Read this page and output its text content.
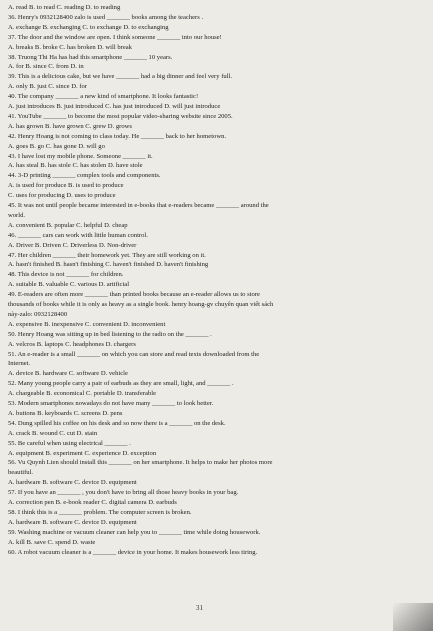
A. read B. to read C. reading D. to reading
36. Henry's 0932128400 zalo is used _______ books among the teachers .
A. exchange B. exchanging C. to exchange D. to exchanging
37. The door and the window are open. I think someone _______ into our house!
A. breaks B. broke C. has broken D. will break
38. Truong Thi Ha has had this smartphone _______ 10 years.
A. for B. since C. from D. in
39. This is a delicious cake, but we have _______ had a big dinner and feel very full.
A. only B. just C. since D. for
40. The company _______ a new kind of smartphone. It looks fantastic!
A. just introduces B. just introduced C. has just introduced D. will just introduce
41. YouTube _______ to become the most popular video-sharing website since 2005.
A. has grown B. have grown C. grew D. grows
42. Henry Hoang is not coming to class today. He _______ back to her hometown.
A. goes B. go C. has gone D. will go
43. I have lost my mobile phone. Someone _______ it.
A. has steal B. has stole C. has stolen D. have stole
44. 3-D printing _______ complex tools and components.
A. is used for produce B. is used to produce
C. uses for producing D. uses to produce
45. It was not until people became interested in e-books that e-readers became _______ around the
world.
A. convenient B. popular C. helpful D. cheap
46. _______ cars can work with little human control.
A. Driver B. Driven C. Driverless D. Non-driver
47. Her children _______ their homework yet. They are still working on it.
A. hasn't finished B. hasn't finishing C. haven't finished D. haven't finishing
48. This device is not _______ for children.
A. suitable B. valuable C. various D. artificial
49. E-readers are often more _______ than printed books because an e-reader allows us to store
thousands of books while it is only as heavy as a single book. henry hoang-gv chuyên quan viết sách
này-zalo: 0932128400
A. expensive B. inexpensive C. convenient D. inconvenient
50. Henry Hoang was sitting up in bed listening to the radio on the _______ .
A. velcros B. laptops C. headphones D. chargers
51. An e-reader is a small _______ on which you can store and read texts downloaded from the
Internet.
A. device B. hardware C. software D. vehicle
52. Many young people carry a pair of earbuds as they are small, light, and _______ .
A. chargeable B. economical C. portable D. transferable
53. Modern smartphones nowadays do not have many _______ to look better.
A. buttons B. keyboards C. screens D. pens
54. Dung spilled his coffee on his desk and so now there is a _______ on the desk.
A. crack B. wound C. cut D. stain
55. Be careful when using electrical _______ .
A. equipment B. experiment C. experience D. exception
56. Vu Quynh Lien should install this _______ on her smartphone. It helps to make her photos more
beautiful.
A. hardware B. software C. device D. equipment
57. If you have an _______ , you don't have to bring all those heavy books in your bag.
A. correction pen B. e-book reader C. digital camera D. earbuds
58. I think this is a _______ problem. The computer screen is broken.
A. hardware B. software C. device D. equipment
59. Washing machine or vacuum cleaner can help you to _______ time while doing housework.
A. kill B. save C. spend D. waste
60. A robot vacuum cleaner is a _______ device in your home. It makes housework less tiring.
31
